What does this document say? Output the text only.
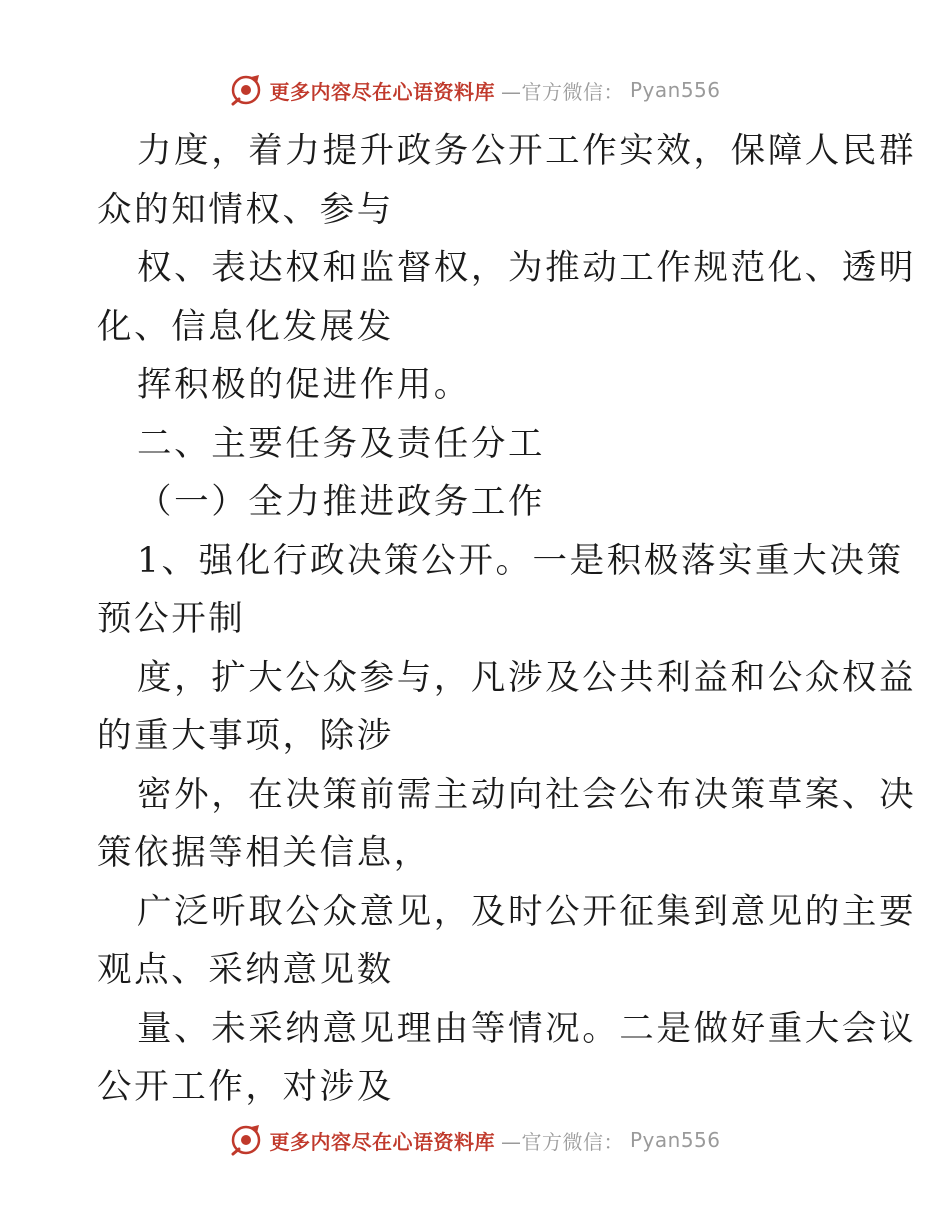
更多内容尽在心语资料库 —官方微信： Pyan556
力度，着力提升政务公开工作实效，保障人民群
众的知情权、参与
权、表达权和监督权，为推动工作规范化、透明
化、信息化发展发
挥积极的促进作用。
二、主要任务及责任分工
（一）全力推进政务工作
1、强化行政决策公开。一是积极落实重大决策
预公开制
度，扩大公众参与，凡涉及公共利益和公众权益
的重大事项，除涉
密外，在决策前需主动向社会公布决策草案、决
策依据等相关信息，
广泛听取公众意见，及时公开征集到意见的主要
观点、采纳意见数
量、未采纳意见理由等情况。二是做好重大会议
公开工作，对涉及
更多内容尽在心语资料库 —官方微信： Pyan556
